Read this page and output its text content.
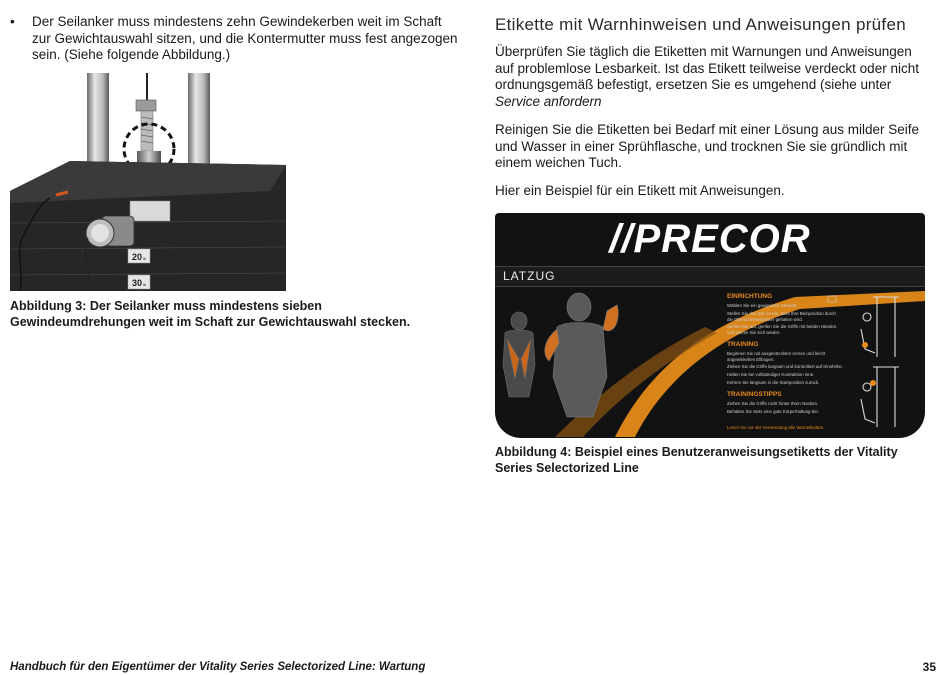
•	Der Seilanker muss mindestens zehn Gewindekerben weit im Schaft zur Gewichtauswahl sitzen, und die Kontermutter muss fest angezogen sein. (Siehe folgende Abbildung.)
20 lb
30 lb
Abbildung 3: Der Seilanker muss mindestens sieben Gewindeumdrehungen weit im Schaft zur Gewichtauswahl stecken.
Etikette mit Warnhinweisen und Anweisungen prüfen
Überprüfen Sie täglich die Etiketten mit Warnungen und Anweisungen auf problemlose Lesbarkeit. Ist das Etikett teilweise verdeckt oder nicht ordnungsgemäß befestigt, ersetzen Sie es umgehend (siehe unter Service anfordern
Reinigen Sie die Etiketten bei Bedarf mit einer Lösung aus milder Seife und Wasser in einer Sprühflasche, und trocknen Sie sie gründlich mit einem weichen Tuch.
Hier ein Beispiel für ein Etikett mit Anweisungen.
//PRECOR
LATZUG
EINRICHTUNG
Wählen Sie ein geeignetes Gewicht.
Stellen Sie den Sitz so ein, dass Ihre Beinposition durch
die Oberschenkelpolster gehalten wird.
Stehen Sie auf, greifen Sie die Griffe mit beiden Händen,
und setzen Sie sich wieder.
TRAINING
Beginnen Sie mit ausgestreckten Armen und leicht
angewinkelten Ellbogen.
Ziehen Sie die Griffe langsam und kontrolliert auf Kinnhöhe.
Halten Sie bei vollständiger Kontraktion inne.
Kehren Sie langsam in die Startposition zurück.
TRAININGSTIPPS
Ziehen Sie die Griffe nicht hinter Ihren Nacken.
Behalten Sie stets eine gute Körperhaltung bei.
Lesen Sie vor der Verwendung alle Warnetiketten.
Abbildung 4: Beispiel eines Benutzeranweisungsetiketts der Vitality Series Selectorized Line
Handbuch für den Eigentümer der Vitality Series Selectorized Line: Wartung	35
